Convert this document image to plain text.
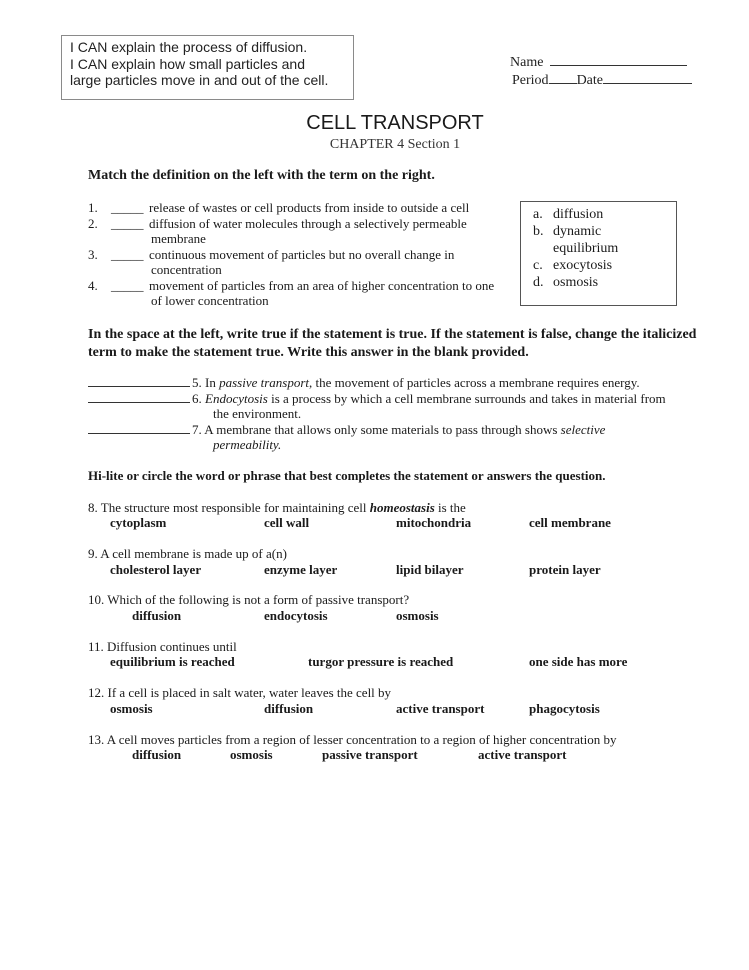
I CAN explain the process of diffusion.
I CAN explain how small particles and
large particles move in and out of the cell.
Name
Period Date
CELL TRANSPORT
CHAPTER 4 Section 1
Match the definition on the left with the term on the right.
1. _____ release of wastes or cell products from inside to outside a cell
2. _____ diffusion of water molecules through a selectively permeable
membrane
3. _____ continuous movement of particles but no overall change in
concentration
4. _____ movement of particles from an area of higher concentration to one
of lower concentration
a. diffusion
b. dynamic
equilibrium
c. exocytosis
d. osmosis
In the space at the left, write true if the statement is true. If the statement is false, change the italicized term to make the statement true. Write this answer in the blank provided.
5. In passive transport, the movement of particles across a membrane requires energy.
6. Endocytosis is a process by which a cell membrane surrounds and takes in material from
the environment.
7. A membrane that allows only some materials to pass through shows selective
permeability.
Hi-lite or circle the word or phrase that best completes the statement or answers the question.
8. The structure most responsible for maintaining cell homeostasis is the
cytoplasm	cell wall	mitochondria	cell membrane
9. A cell membrane is made up of a(n)
cholesterol layer	enzyme layer	lipid bilayer	protein layer
10. Which of the following is not a form of passive transport?
diffusion	endocytosis	osmosis
11. Diffusion continues until
equilibrium is reached	turgor pressure is reached	one side has more
12. If a cell is placed in salt water, water leaves the cell by
osmosis	diffusion	active transport	phagocytosis
13. A cell moves particles from a region of lesser concentration to a region of higher concentration by
diffusion	osmosis	passive transport	active transport
